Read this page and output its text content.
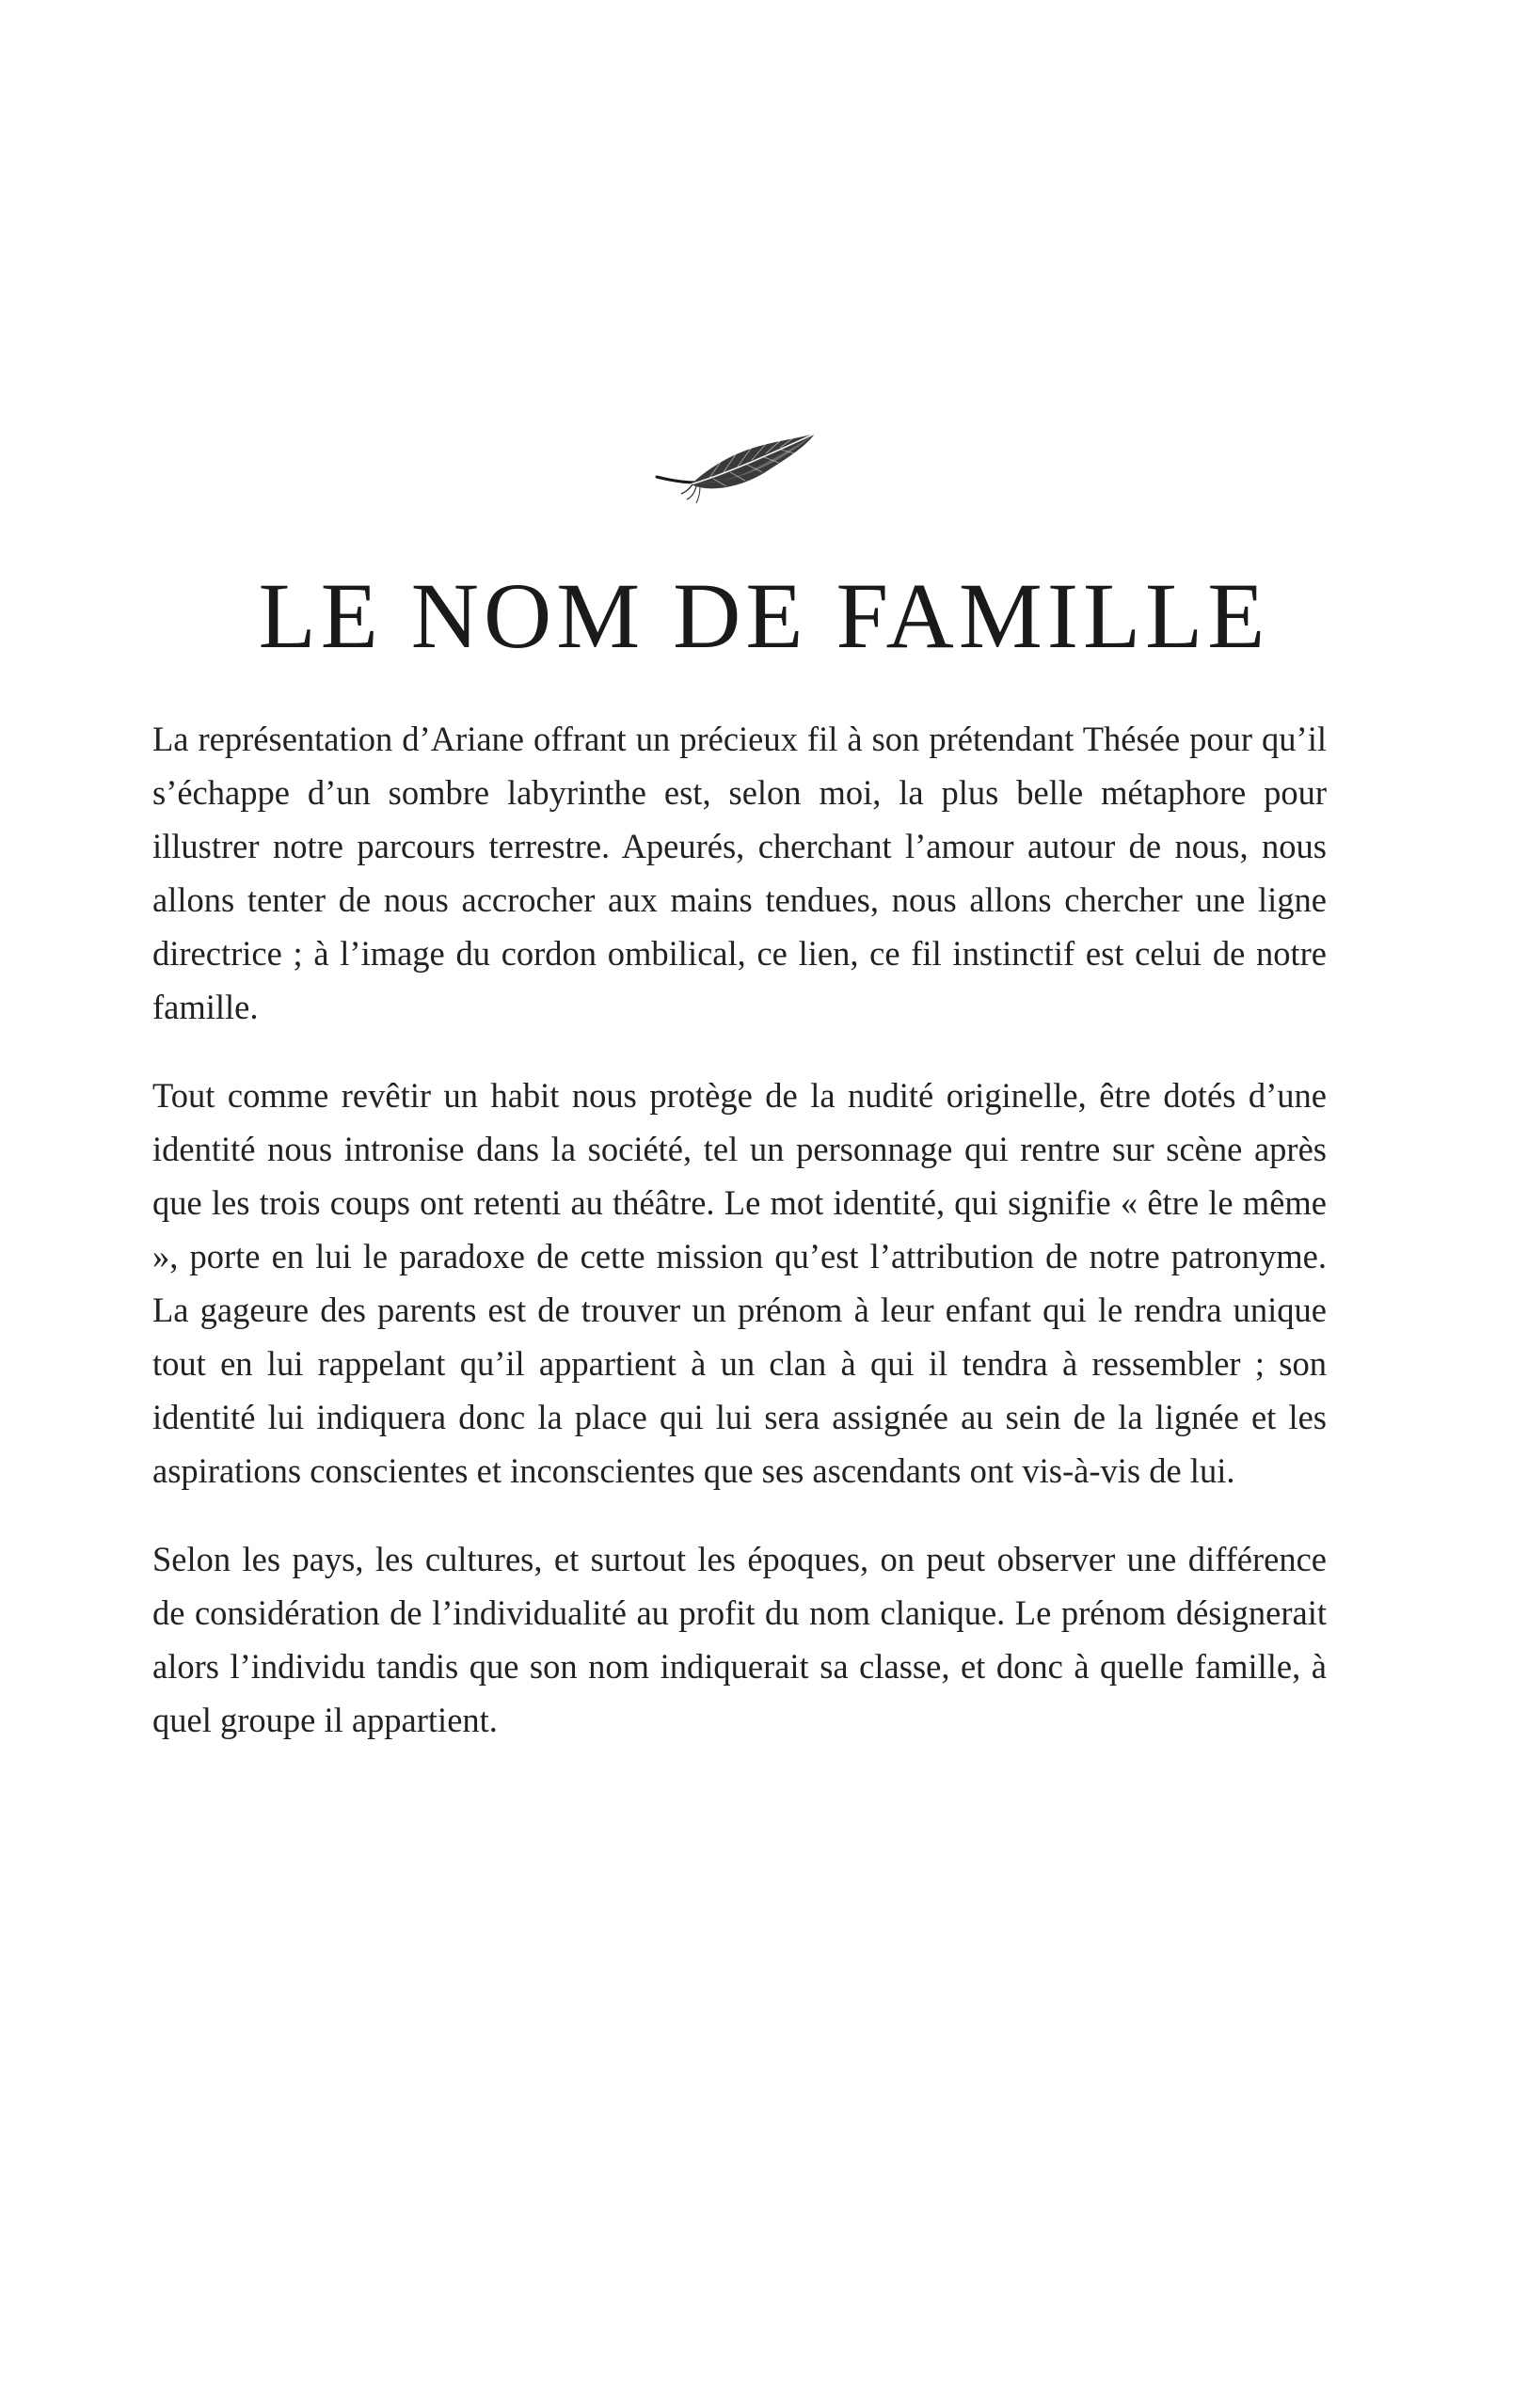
LE NOM DE FAMILLE

La représentation d’Ariane offrant un précieux fil à son prétendant Thésée pour qu’il s’échappe d’un sombre labyrinthe est, selon moi, la plus belle métaphore pour illustrer notre parcours terrestre. Apeurés, cherchant l’amour autour de nous, nous allons tenter de nous accrocher aux mains tendues, nous allons chercher une ligne directrice ; à l’image du cordon ombilical, ce lien, ce fil instinctif est celui de notre famille.

Tout comme revêtir un habit nous protège de la nudité originelle, être dotés d’une identité nous intronise dans la société, tel un personnage qui rentre sur scène après que les trois coups ont retenti au théâtre. Le mot identité, qui signifie « être le même », porte en lui le paradoxe de cette mission qu’est l’attribution de notre patronyme. La gageure des parents est de trouver un prénom à leur enfant qui le rendra unique tout en lui rappelant qu’il appartient à un clan à qui il tendra à ressembler ; son identité lui indiquera donc la place qui lui sera assignée au sein de la lignée et les aspirations conscientes et inconscientes que ses ascendants ont vis-à-vis de lui.

Selon les pays, les cultures, et surtout les époques, on peut observer une différence de considération de l’individualité au profit du nom clanique. Le prénom désignerait alors l’individu tandis que son nom indiquerait sa classe, et donc à quelle famille, à quel groupe il appartient.
